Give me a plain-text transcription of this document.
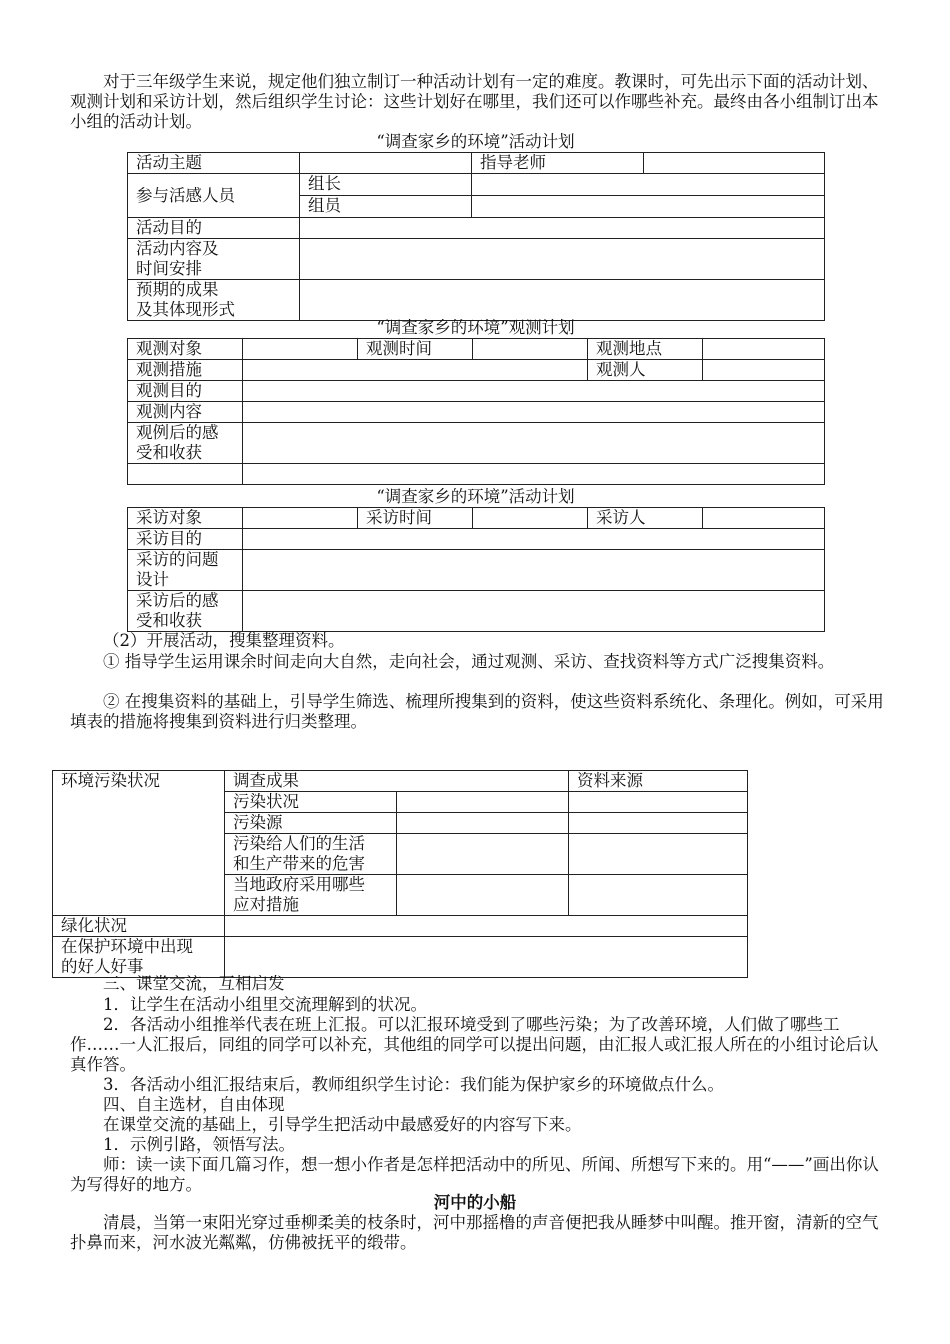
对于三年级学生来说，规定他们独立制订一种活动计划有一定的难度。教课时，可先出示下面的活动计划、观测计划和采访计划，然后组织学生讨论：这些计划好在哪里，我们还可以作哪些补充。最终由各小组制订出本小组的活动计划。

“调查家乡的环境”活动计划

活动主题		指导老师	
参与活感人员	组长		
	组员		
活动目的			
活动内容及
时间安排			
预期的成果
及其体现形式			

“调查家乡的环境”观测计划

观测对象		观测时间		观测地点	
观测措施				观测人	
观测目的					
观测内容					
观例后的感
受和收获					

“调查家乡的环境”活动计划

采访对象		采访时间		采访人	
采访目的					
采访的问题
设计					
采访后的感
受和收获					

（2）开展活动，搜集整理资料。

① 指导学生运用课余时间走向大自然，走向社会，通过观测、采访、查找资料等方式广泛搜集资料。

② 在搜集资料的基础上，引导学生筛选、梳理所搜集到的资料，使这些资料系统化、条理化。例如，可采用填表的措施将搜集到资料进行归类整理。

环境污染状况	调查成果		资料来源
	污染状况		
	污染源		
	污染给人们的生活
和生产带来的危害		
	当地政府采用哪些
应对措施		
绿化状况			
在保护环境中出现
的好人好事			

三、课堂交流，互相启发

1．让学生在活动小组里交流理解到的状况。

2．各活动小组推举代表在班上汇报。可以汇报环境受到了哪些污染；为了改善环境，人们做了哪些工作……一人汇报后，同组的同学可以补充，其他组的同学可以提出问题，由汇报人或汇报人所在的小组讨论后认真作答。

3．各活动小组汇报结束后，教师组织学生讨论：我们能为保护家乡的环境做点什么。

四、自主选材，自由体现

在课堂交流的基础上，引导学生把活动中最感爱好的内容写下来。

1．示例引路，领悟写法。

师：读一读下面几篇习作，想一想小作者是怎样把活动中的所见、所闻、所想写下来的。用“——”画出你认为写得好的地方。

河中的小船

清晨，当第一束阳光穿过垂柳柔美的枝条时，河中那摇橹的声音便把我从睡梦中叫醒。推开窗，清新的空气扑鼻而来，河水波光粼粼，仿佛被抚平的缎带。
